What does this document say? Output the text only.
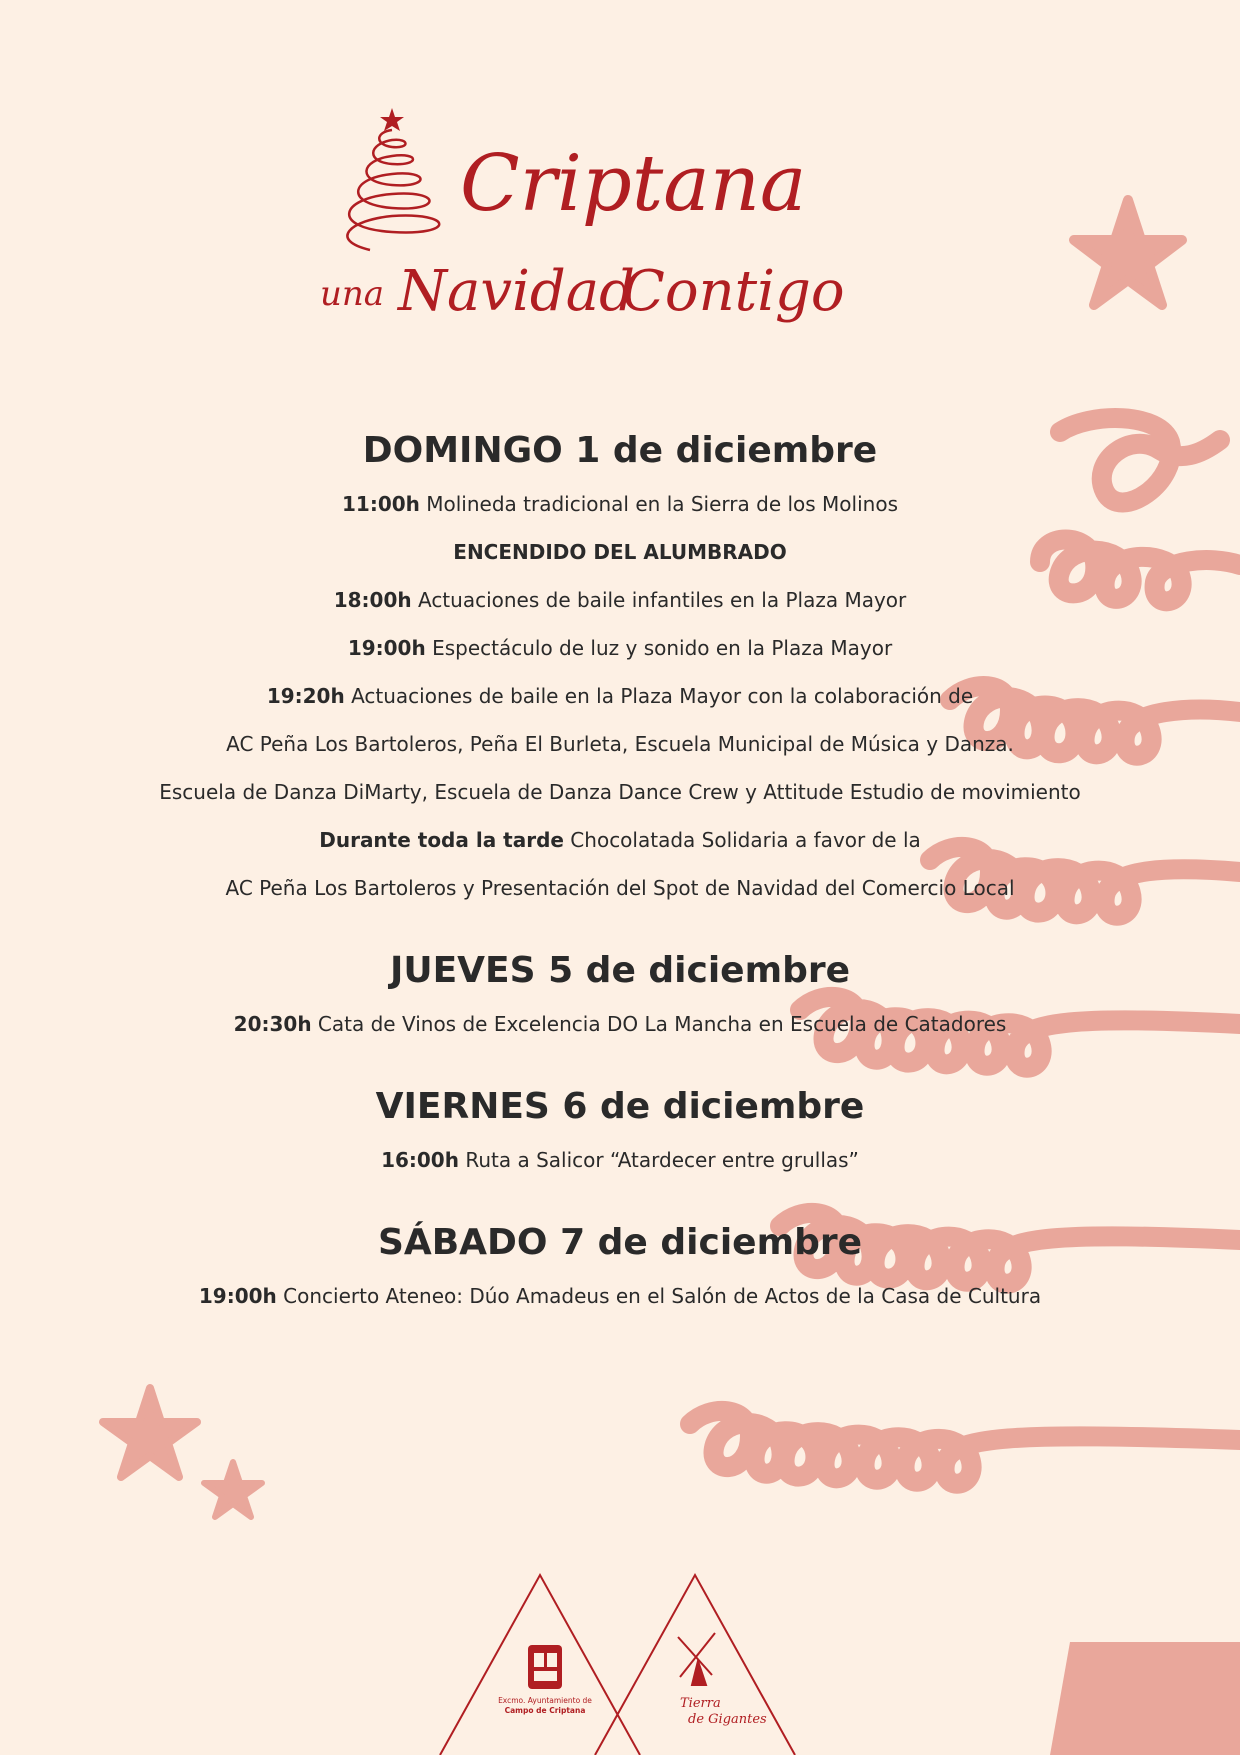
Criptana
una Navidad
Contigo
DOMINGO 1 de diciembre
11:00h Molineda tradicional en la Sierra de los Molinos
ENCENDIDO DEL ALUMBRADO
18:00h Actuaciones de baile infantiles en la Plaza Mayor
19:00h Espectáculo de luz y sonido en la Plaza Mayor
19:20h Actuaciones de baile en la Plaza Mayor con la colaboración de
AC Peña Los Bartoleros, Peña El Burleta, Escuela Municipal de Música y Danza.
Escuela de Danza DiMarty, Escuela de Danza Dance Crew y Attitude Estudio de movimiento
Durante toda la tarde Chocolatada Solidaria a favor de la
AC Peña Los Bartoleros y Presentación del Spot de Navidad del Comercio Local
JUEVES 5 de diciembre
20:30h Cata de Vinos de Excelencia DO La Mancha en Escuela de Catadores
VIERNES 6 de diciembre
16:00h Ruta a Salicor “Atardecer entre grullas”
SÁBADO 7 de diciembre
19:00h Concierto Ateneo: Dúo Amadeus en el Salón de Actos de la Casa de Cultura
Excmo. Ayuntamiento de
Campo de Criptana	Tierra
de Gigantes
